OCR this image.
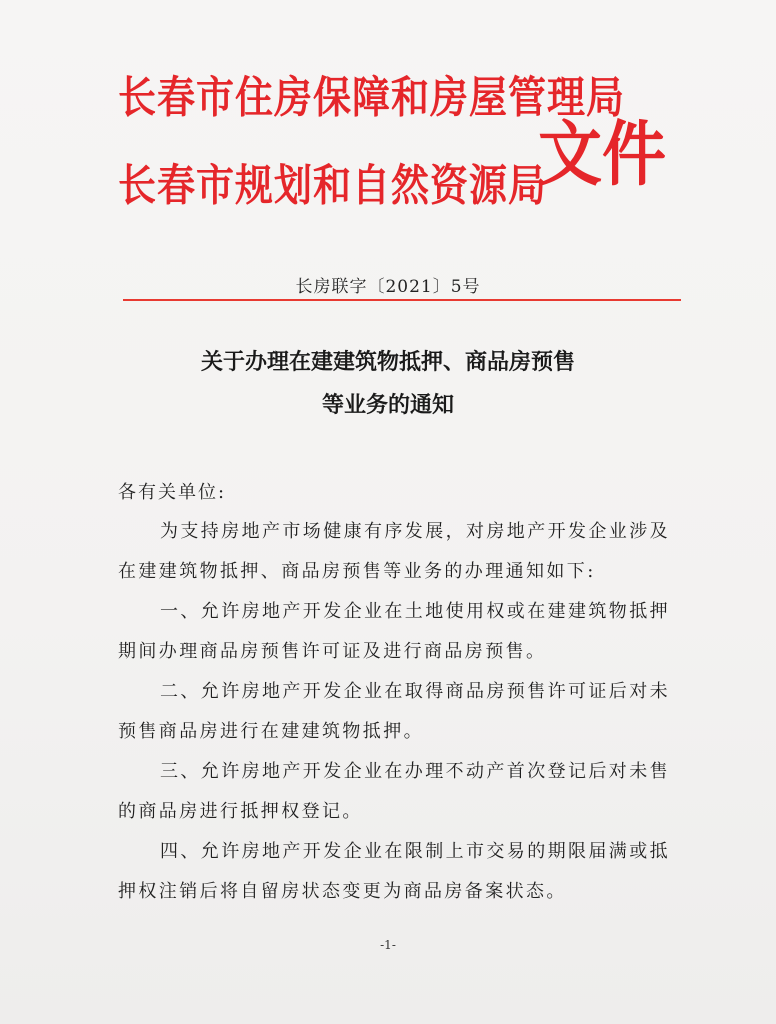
长春市住房保障和房屋管理局
长春市规划和自然资源局
文件
长房联字〔2021〕5号
关于办理在建建筑物抵押、商品房预售
等业务的通知
各有关单位:

为支持房地产市场健康有序发展，对房地产开发企业涉及在建建筑物抵押、商品房预售等业务的办理通知如下:

一、允许房地产开发企业在土地使用权或在建建筑物抵押期间办理商品房预售许可证及进行商品房预售。

二、允许房地产开发企业在取得商品房预售许可证后对未预售商品房进行在建建筑物抵押。

三、允许房地产开发企业在办理不动产首次登记后对未售的商品房进行抵押权登记。

四、允许房地产开发企业在限制上市交易的期限届满或抵押权注销后将自留房状态变更为商品房备案状态。

-1-
